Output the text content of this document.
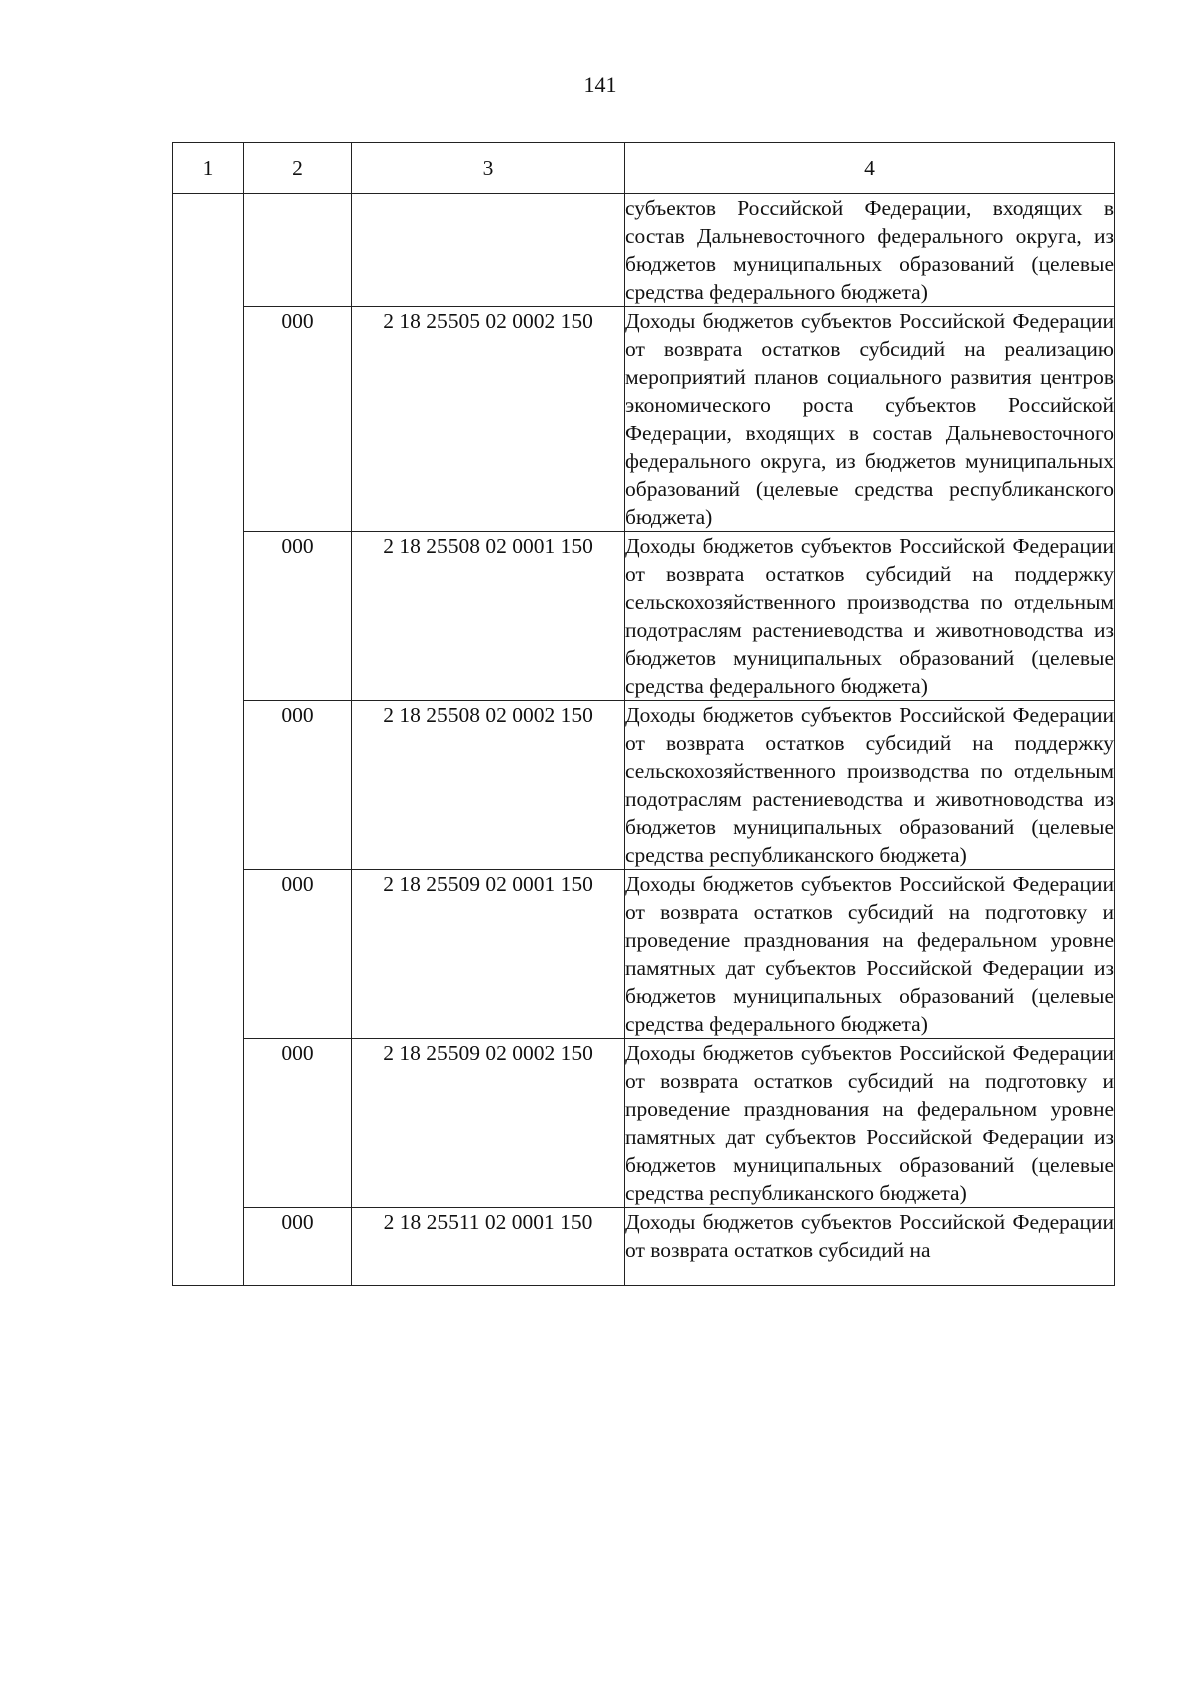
141
1	2	3	4
			субъектов Российской Федерации, входящих в состав Дальневосточного федерального округа, из бюджетов муниципальных образований (целевые средства федерального бюджета)
	000	2 18 25505 02 0002 150	Доходы бюджетов субъектов Российской Федерации от возврата остатков субсидий на реализацию мероприятий планов социального развития центров экономического роста субъектов Российской Федерации, входящих в состав Дальневосточного федерального округа, из бюджетов муниципальных образований (целевые средства республиканского бюджета)
	000	2 18 25508 02 0001 150	Доходы бюджетов субъектов Российской Федерации от возврата остатков субсидий на поддержку сельскохозяйственного производства по отдельным подотраслям растениеводства и животноводства из бюджетов муниципальных образований (целевые средства федерального бюджета)
	000	2 18 25508 02 0002 150	Доходы бюджетов субъектов Российской Федерации от возврата остатков субсидий на поддержку сельскохозяйственного производства по отдельным подотраслям растениеводства и животноводства из бюджетов муниципальных образований (целевые средства республиканского бюджета)
	000	2 18 25509 02 0001 150	Доходы бюджетов субъектов Российской Федерации от возврата остатков субсидий на подготовку и проведение празднования на федеральном уровне памятных дат субъектов Российской Федерации из бюджетов муниципальных образований (целевые средства федерального бюджета)
	000	2 18 25509 02 0002 150	Доходы бюджетов субъектов Российской Федерации от возврата остатков субсидий на подготовку и проведение празднования на федеральном уровне памятных дат субъектов Российской Федерации из бюджетов муниципальных образований (целевые средства республиканского бюджета)
	000	2 18 25511 02 0001 150	Доходы бюджетов субъектов Российской Федерации от возврата остатков субсидий на
